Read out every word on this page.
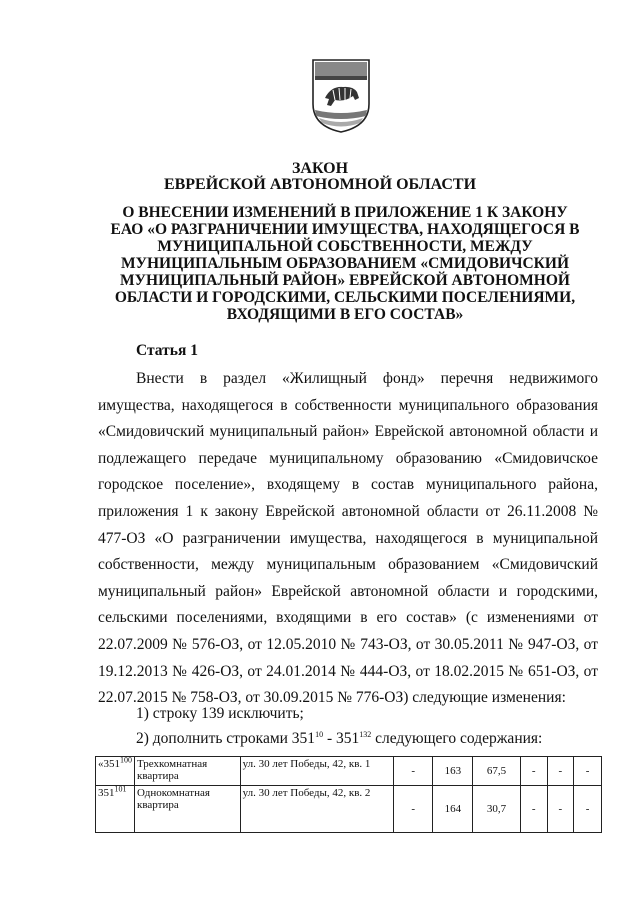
ЗАКОН
ЕВРЕЙСКОЙ АВТОНОМНОЙ ОБЛАСТИ
О ВНЕСЕНИИ ИЗМЕНЕНИЙ В ПРИЛОЖЕНИЕ 1 К ЗАКОНУ ЕАО «О РАЗГРАНИЧЕНИИ ИМУЩЕСТВА, НАХОДЯЩЕГОСЯ В МУНИЦИПАЛЬНОЙ СОБСТВЕННОСТИ, МЕЖДУ МУНИЦИПАЛЬНЫМ ОБРАЗОВАНИЕМ «СМИДОВИЧСКИЙ МУНИЦИПАЛЬНЫЙ РАЙОН» ЕВРЕЙСКОЙ АВТОНОМНОЙ ОБЛАСТИ И ГОРОДСКИМИ, СЕЛЬСКИМИ ПОСЕЛЕНИЯМИ, ВХОДЯЩИМИ В ЕГО СОСТАВ»
Статья 1
Внести в раздел «Жилищный фонд» перечня недвижимого имущества, находящегося в собственности муниципального образования «Смидовичский муниципальный район» Еврейской автономной области и подлежащего передаче муниципальному образованию «Смидовичское городское поселение», входящему в состав муниципального района, приложения 1 к закону Еврейской автономной области от 26.11.2008 № 477-ОЗ «О разграничении имущества, находящегося в муниципальной собственности, между муниципальным образованием «Смидовичский муниципальный район» Еврейской автономной области и городскими, сельскими поселениями, входящими в его состав» (с изменениями от 22.07.2009 № 576-ОЗ, от 12.05.2010 № 743-ОЗ, от 30.05.2011 № 947-ОЗ, от 19.12.2013 № 426-ОЗ, от 24.01.2014 № 444-ОЗ, от 18.02.2015 № 651-ОЗ, от 22.07.2015 № 758-ОЗ, от 30.09.2015 № 776-ОЗ) следующие изменения:
1) строку 139 исключить;
2) дополнить строками $351^{10} - 351^{132}$ следующего содержания:
«$351^{100}$	Трехкомнатная квартира	ул. 30 лет Победы, 42, кв. 1	-	163	67,5	-	-	-
$351^{101}$	Однокомнатная квартира	ул. 30 лет Победы, 42, кв. 2	-	164	30,7	-	-	-
